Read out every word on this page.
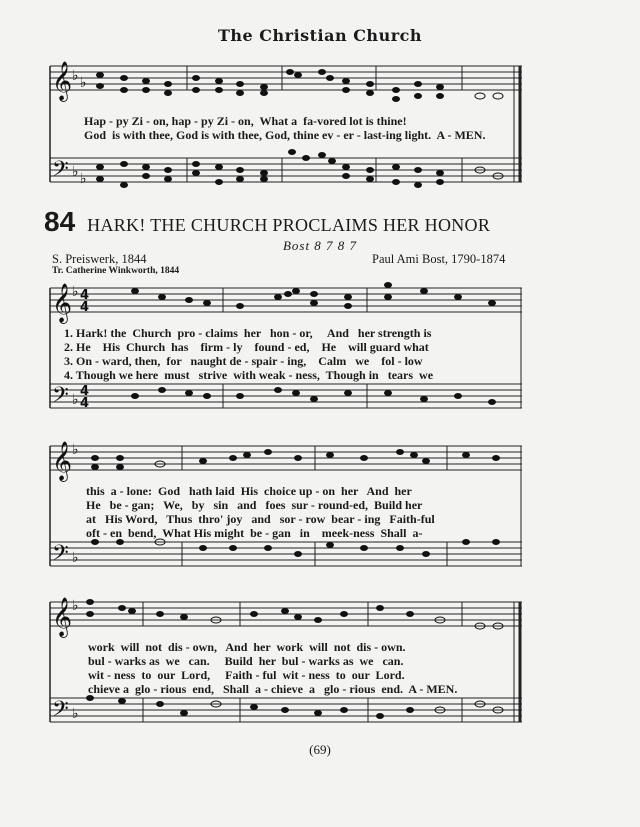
The Christian Church
𝄞
𝄢
𝄞
𝄢
𝄞
𝄢
𝄞
𝄢
♭ ♭
♭ ♭
♭
♭
♭
♭
♭
♭
4
4
4
4
Hap - py Zi - on, hap - py Zi - on,  What a  fa-vored lot is thine!
God  is with thee, God is with thee, God, thine ev - er - last-ing light.  A - MEN.
84 HARK! THE CHURCH PROCLAIMS HER HONOR
Bost 8 7 8 7
S. Preiswerk, 1844
Tr. Catherine Winkworth, 1844
Paul Ami Bost, 1790-1874
1. Hark! the  Church  pro - claims  her   hon - or,     And   her strength is
2. He    His  Church  has    firm - ly    found - ed,    He    will guard what
3. On - ward, then,  for   naught de - spair - ing,    Calm   we    fol - low
4. Though we here  must   strive  with weak - ness,  Though in   tears  we
this  a - lone:  God   hath laid  His  choice up - on  her   And  her
He   be - gan;   We,   by   sin   and   foes  sur - round-ed,  Build her
at   His Word,   Thus  thro' joy   and   sor - row  bear - ing   Faith-ful
oft - en  bend,  What His might  be - gan   in    meek-ness  Shall  a-
work  will  not  dis - own,   And  her  work  will  not  dis - own.
bul - warks as  we   can.     Build  her  bul - warks as  we   can.
wit - ness  to  our  Lord,     Faith - ful  wit - ness  to  our  Lord.
chieve a  glo - rious  end,   Shall  a - chieve  a   glo - rious  end.  A - MEN.
(69)
